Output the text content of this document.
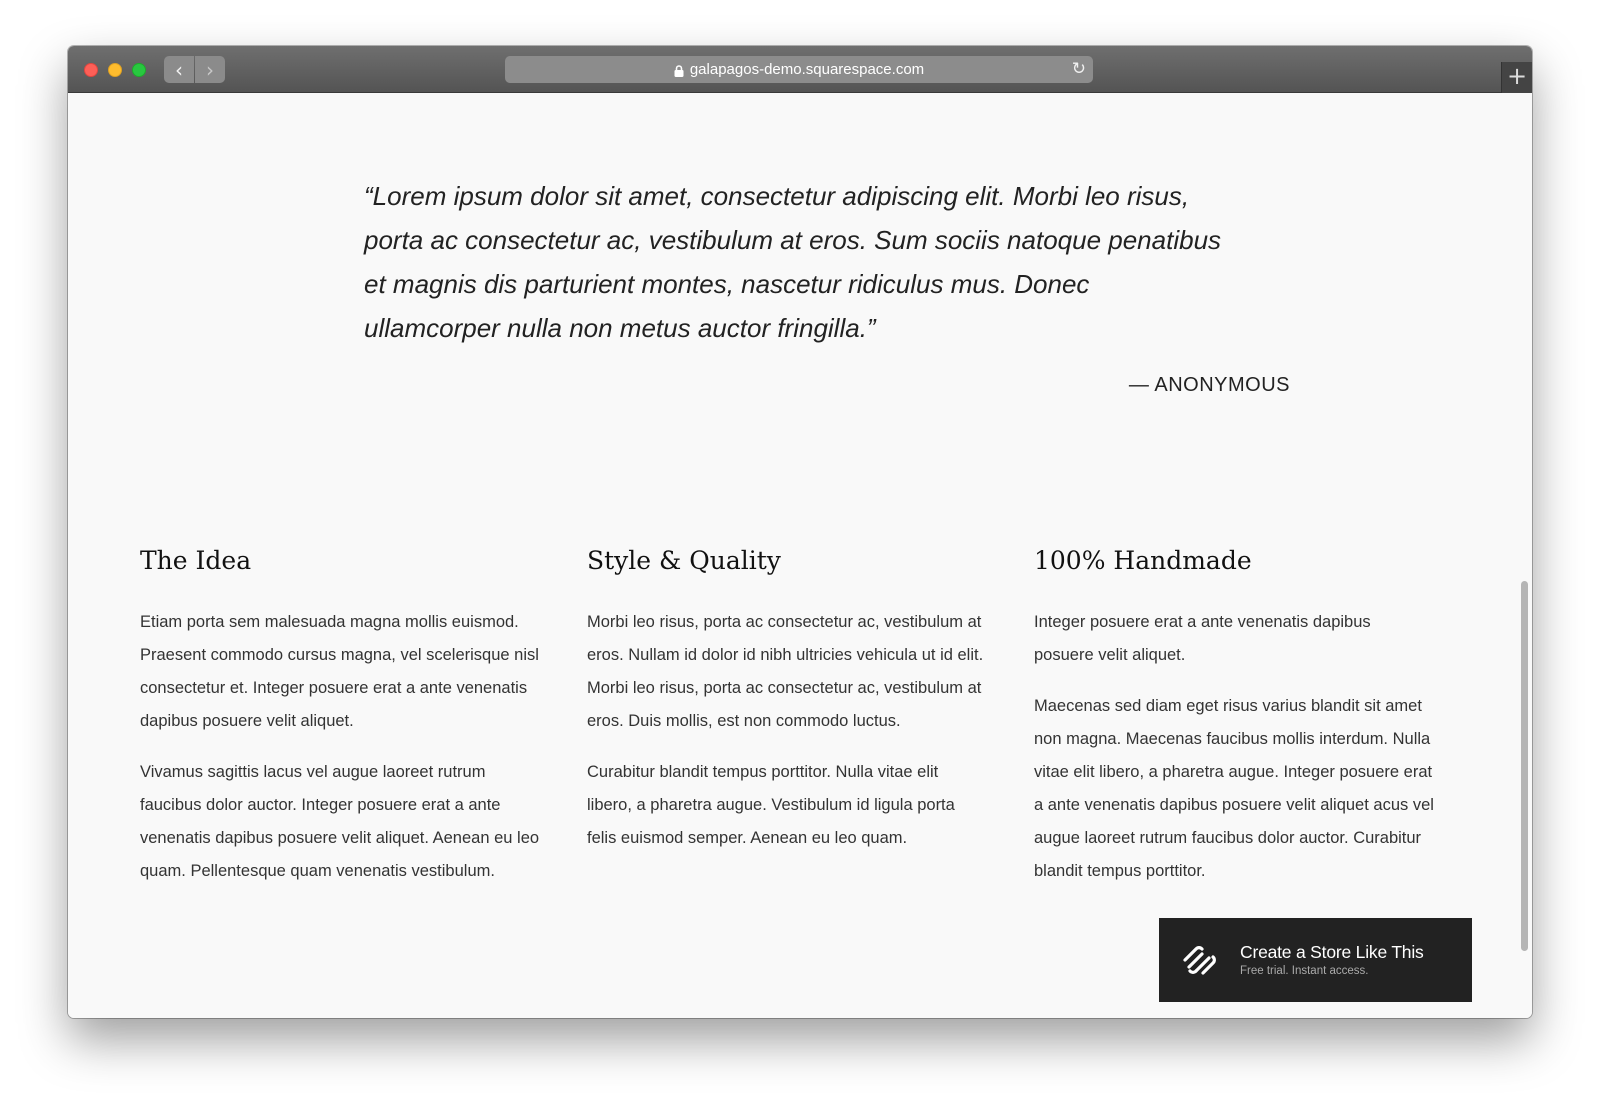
‹ ›	galapagos-demo.squarespace.com	↻	+

“Lorem ipsum dolor sit amet, consectetur adipiscing elit. Morbi leo risus, porta ac consectetur ac, vestibulum at eros. Sum sociis natoque penatibus et magnis dis parturient montes, nascetur ridiculus mus. Donec ullamcorper nulla non metus auctor fringilla.”

— ANONYMOUS

The Idea

Etiam porta sem malesuada magna mollis euismod. Praesent commodo cursus magna, vel scelerisque nisl consectetur et. Integer posuere erat a ante venenatis dapibus posuere velit aliquet.

Vivamus sagittis lacus vel augue laoreet rutrum faucibus dolor auctor. Integer posuere erat a ante venenatis dapibus posuere velit aliquet. Aenean eu leo quam. Pellentesque quam venenatis vestibulum.

Style & Quality

Morbi leo risus, porta ac consectetur ac, vestibulum at eros. Nullam id dolor id nibh ultricies vehicula ut id elit. Morbi leo risus, porta ac consectetur ac, vestibulum at eros. Duis mollis, est non commodo luctus.

Curabitur blandit tempus porttitor. Nulla vitae elit libero, a pharetra augue. Vestibulum id ligula porta felis euismod semper. Aenean eu leo quam.

100% Handmade

Integer posuere erat a ante venenatis dapibus posuere velit aliquet.

Maecenas sed diam eget risus varius blandit sit amet non magna. Maecenas faucibus mollis interdum. Nulla vitae elit libero, a pharetra augue. Integer posuere erat a ante venenatis dapibus posuere velit aliquet acus vel augue laoreet rutrum faucibus dolor auctor. Curabitur blandit tempus porttitor.

Create a Store Like This
Free trial. Instant access.
